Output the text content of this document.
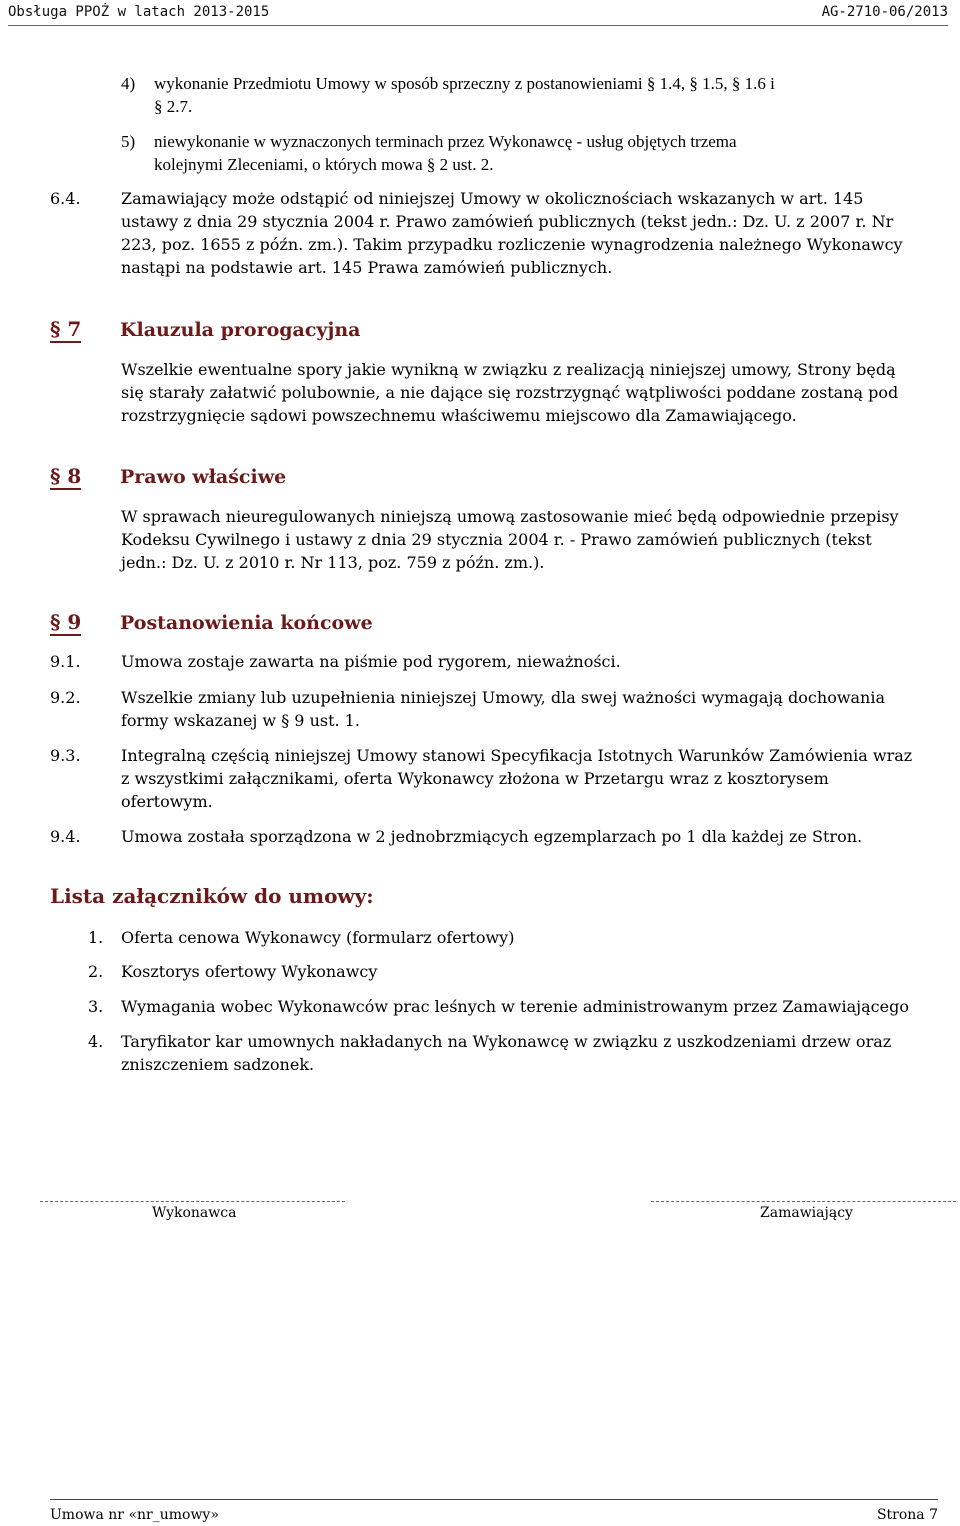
Obsługa PPOŻ w latach 2013-2015	AG-2710-06/2013
4) wykonanie Przedmiotu Umowy w sposób sprzeczny z postanowieniami § 1.4, § 1.5, § 1.6 i
§ 2.7.
5) niewykonanie w wyznaczonych terminach przez Wykonawcę - usług objętych trzema
kolejnymi Zleceniami, o których mowa § 2 ust. 2.
6.4.	Zamawiający może odstąpić od niniejszej Umowy w okolicznościach wskazanych w art. 145
ustawy z dnia 29 stycznia 2004 r. Prawo zamówień publicznych (tekst jedn.: Dz. U. z 2007 r. Nr
223, poz. 1655 z późn. zm.). Takim przypadku rozliczenie wynagrodzenia należnego Wykonawcy
nastąpi na podstawie art. 145 Prawa zamówień publicznych.
§ 7 Klauzula prorogacyjna
Wszelkie ewentualne spory jakie wynikną w związku z realizacją niniejszej umowy, Strony będą
się starały załatwić polubownie, a nie dające się rozstrzygnąć wątpliwości poddane zostaną pod
rozstrzygnięcie sądowi powszechnemu właściwemu miejscowo dla Zamawiającego.
§ 8 Prawo właściwe
W sprawach nieuregulowanych niniejszą umową zastosowanie mieć będą odpowiednie przepisy
Kodeksu Cywilnego i ustawy z dnia 29 stycznia 2004 r. - Prawo zamówień publicznych (tekst
jedn.: Dz. U. z 2010 r. Nr 113, poz. 759 z późn. zm.).
§ 9 Postanowienia końcowe
9.1.	Umowa zostaje zawarta na piśmie pod rygorem, nieważności.
9.2.	Wszelkie zmiany lub uzupełnienia niniejszej Umowy, dla swej ważności wymagają dochowania
formy wskazanej w § 9 ust. 1.
9.3.	Integralną częścią niniejszej Umowy stanowi Specyfikacja Istotnych Warunków Zamówienia wraz
z wszystkimi załącznikami, oferta Wykonawcy złożona w Przetargu wraz z kosztorysem
ofertowym.
9.4.	Umowa została sporządzona w 2 jednobrzmiących egzemplarzach po 1 dla każdej ze Stron.
Lista załączników do umowy:
1. Oferta cenowa Wykonawcy (formularz ofertowy)
2. Kosztorys ofertowy Wykonawcy
3. Wymagania wobec Wykonawców prac leśnych w terenie administrowanym przez Zamawiającego
4. Taryfikator kar umownych nakładanych na Wykonawcę w związku z uszkodzeniami drzew oraz
zniszczeniem sadzonek.
Wykonawca	Zamawiający
Umowa nr «nr_umowy»	Strona 7
